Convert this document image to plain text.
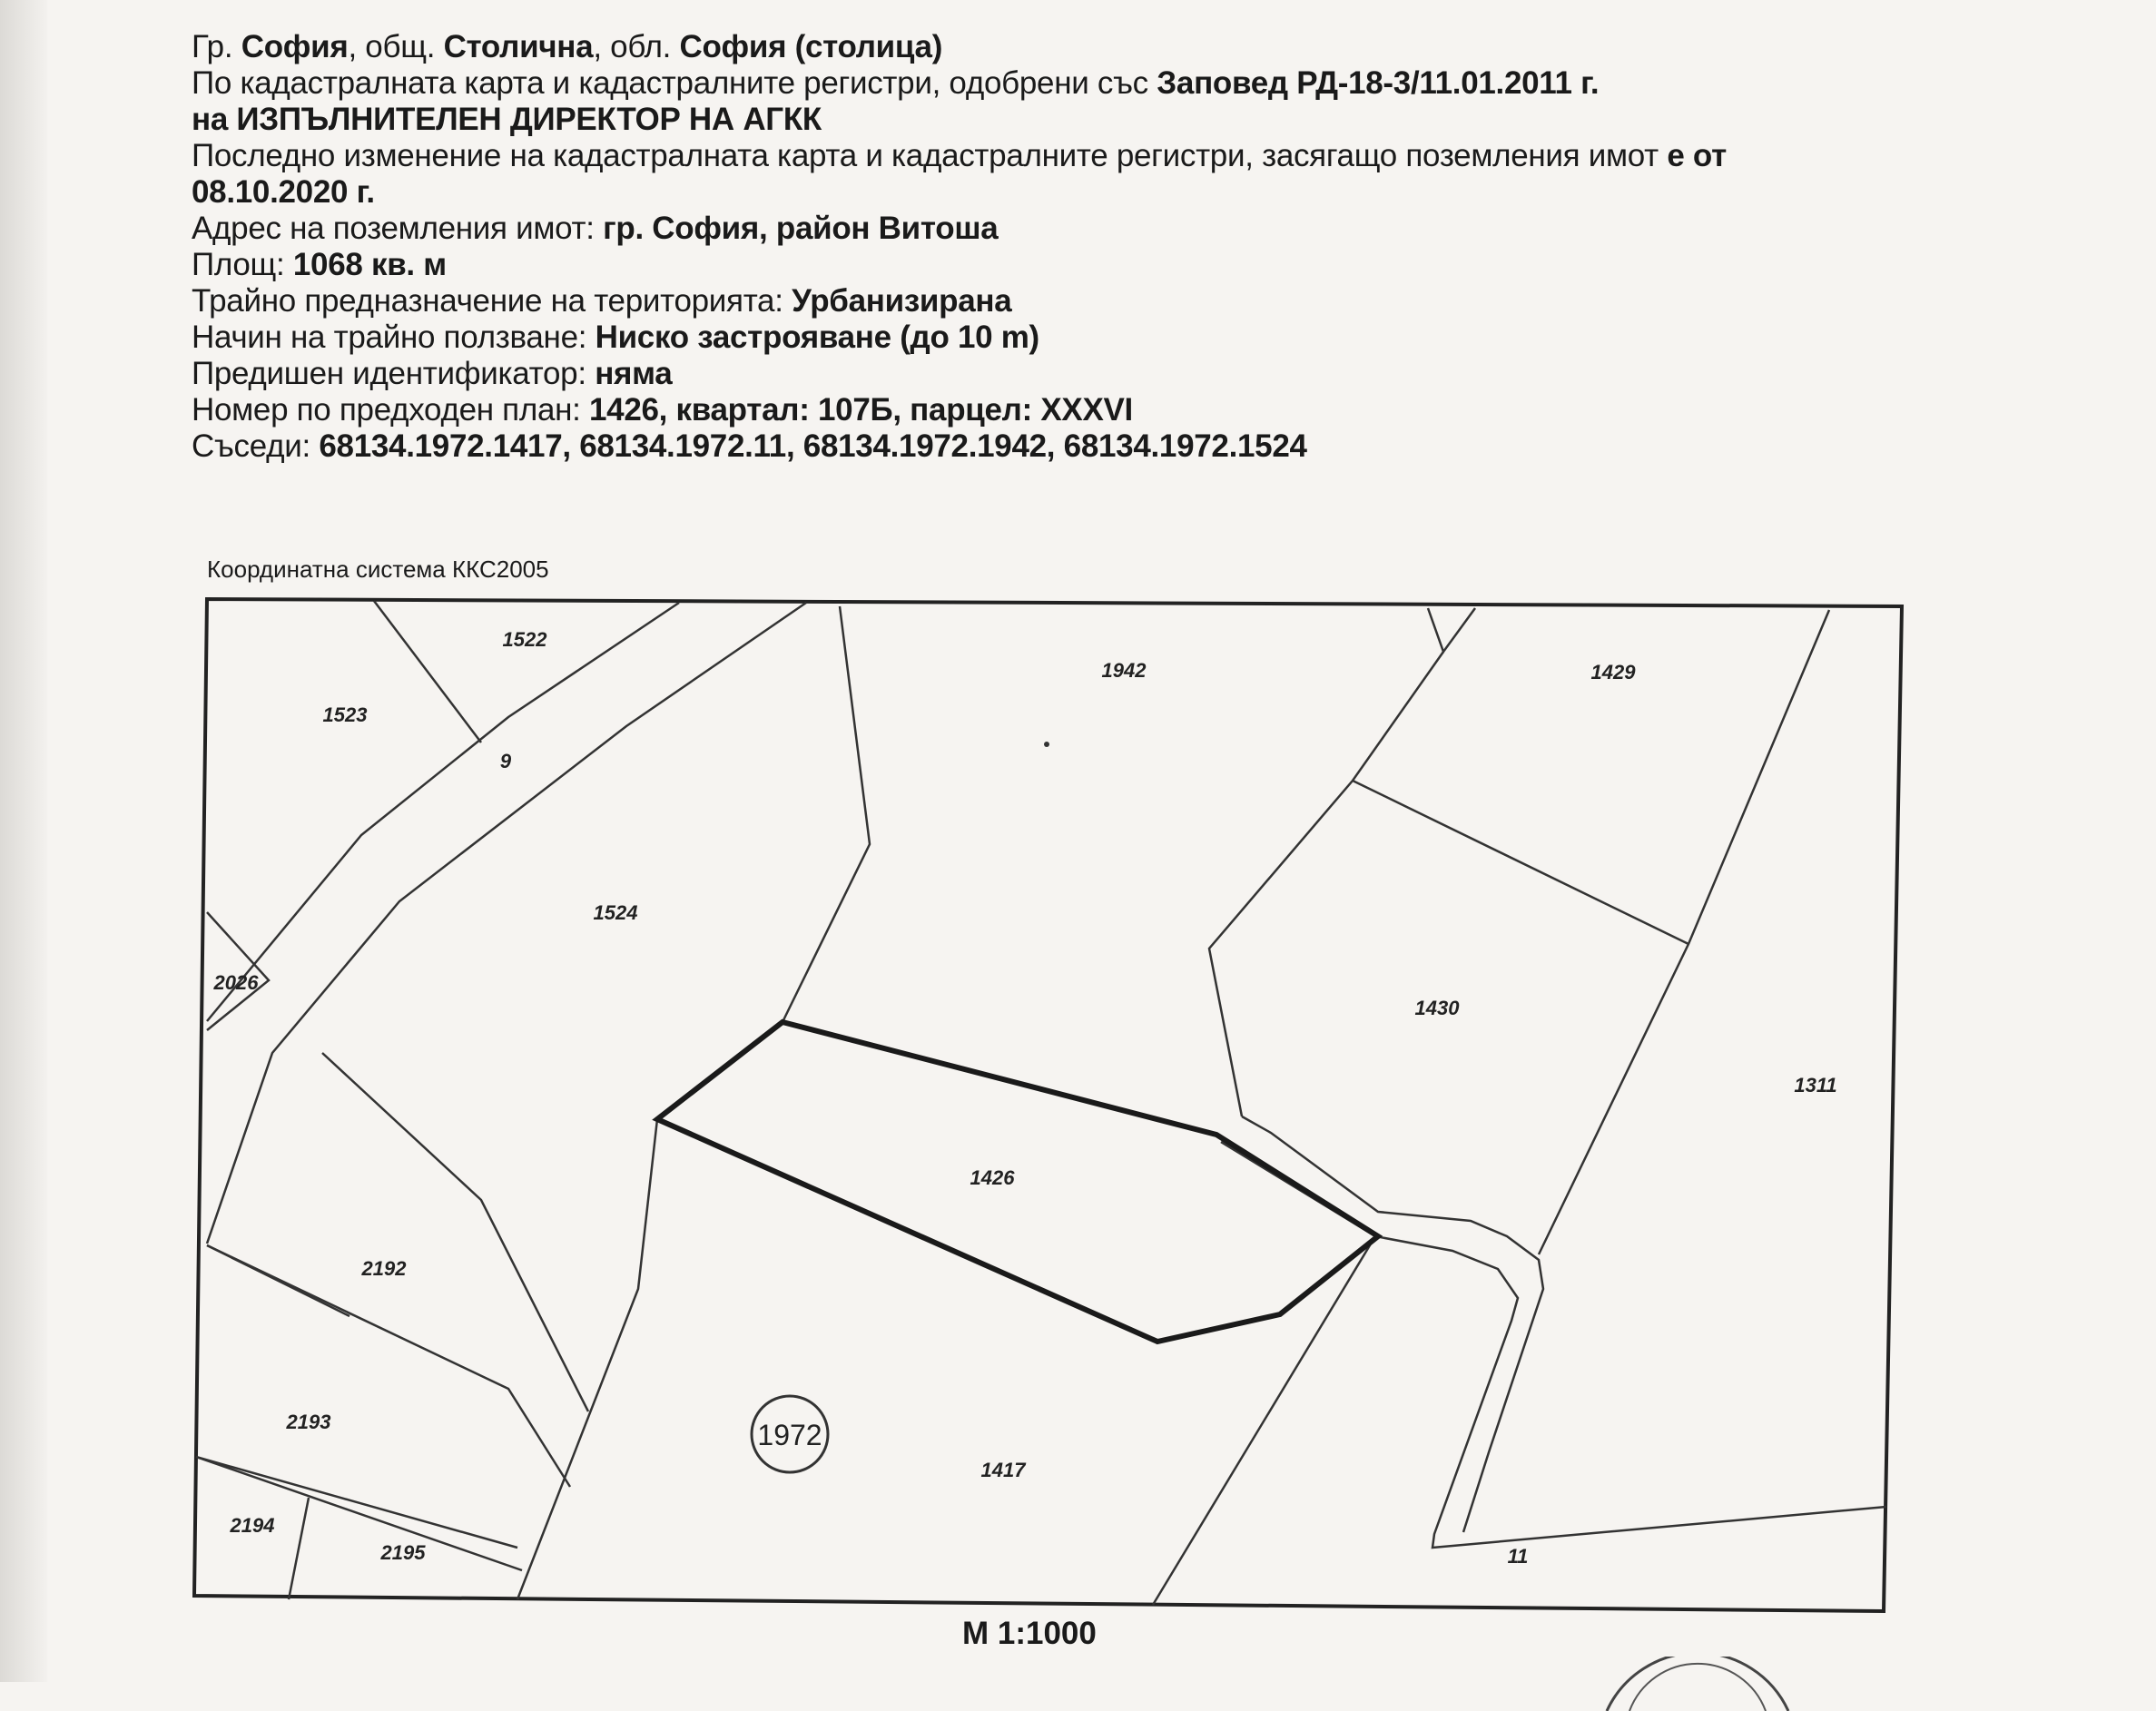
Гр. София, общ. Столична, обл. София (столица)
По кадастралната карта и кадастралните регистри, одобрени със Заповед РД-18-3/11.01.2011 г.
на ИЗПЪЛНИТЕЛЕН ДИРЕКТОР НА АГКК
Последно изменение на кадастралната карта и кадастралните регистри, засягащо поземления имот е от
08.10.2020 г.
Адрес на поземления имот: гр. София, район Витоша
Площ: 1068 кв. м
Трайно предназначение на територията: Урбанизирана
Начин на трайно ползване: Ниско застрояване (до 10 m)
Предишен идентификатор: няма
Номер по предходен план: 1426, квартал: 107Б, парцел: XXXVI
Съседи: 68134.1972.1417, 68134.1972.11, 68134.1972.1942, 68134.1972.1524
Координатна система ККС2005
1972
1522
1523
9
1942	1429
1524
2026
1430
1311
1426
2192
2193
1417
2194
2195	11
М 1:1000
